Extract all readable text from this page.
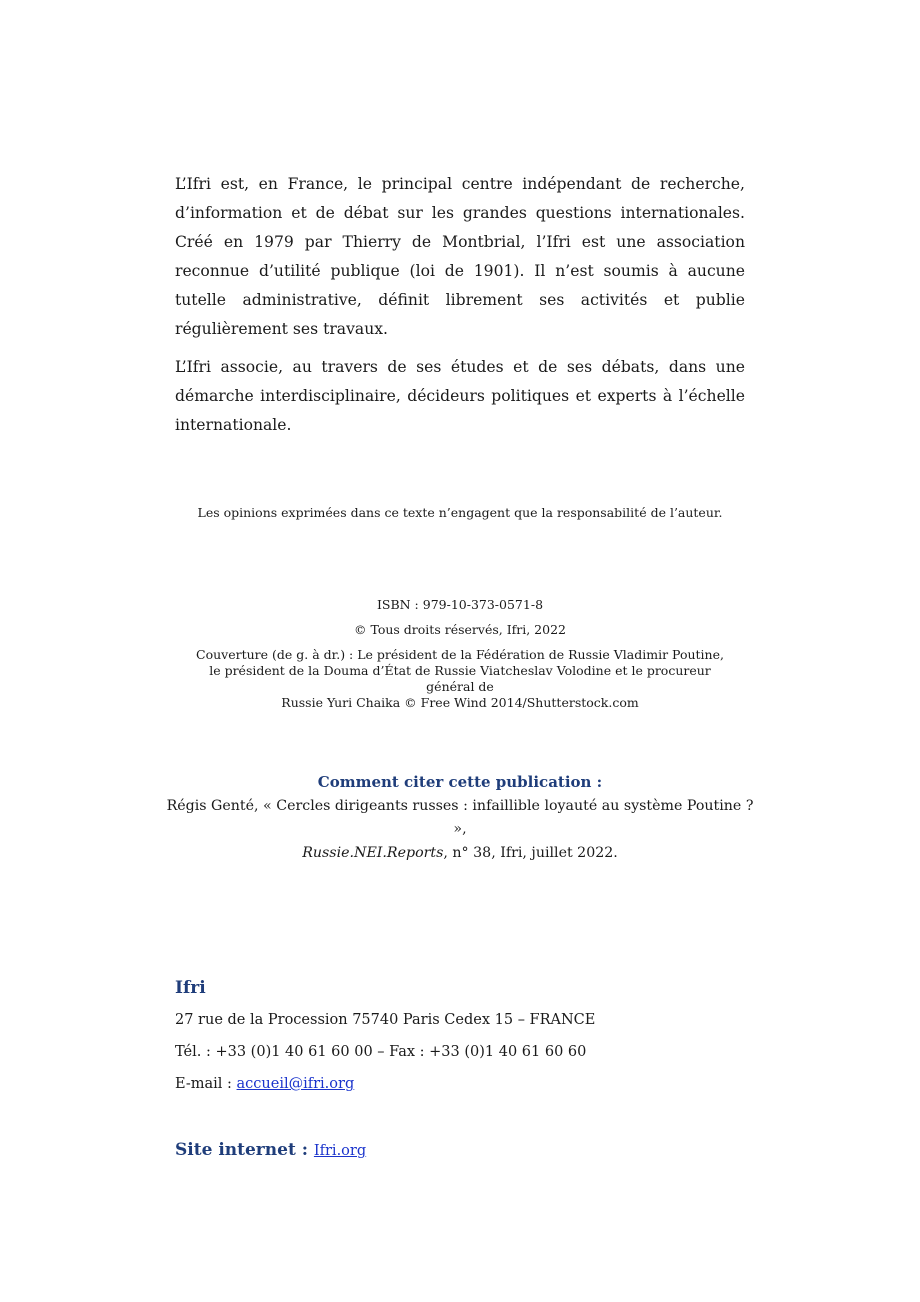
L’Ifri est, en France, le principal centre indépendant de recherche, d’information et de débat sur les grandes questions internationales. Créé en 1979 par Thierry de Montbrial, l’Ifri est une association reconnue d’utilité publique (loi de 1901). Il n’est soumis à aucune tutelle administrative, définit librement ses activités et publie régulièrement ses travaux.

L’Ifri associe, au travers de ses études et de ses débats, dans une démarche interdisciplinaire, décideurs politiques et experts à l’échelle internationale.

Les opinions exprimées dans ce texte n’engagent que la responsabilité de l’auteur.
ISBN : 979-10-373-0571-8
© Tous droits réservés, Ifri, 2022
Couverture (de g. à dr.) : Le président de la Fédération de Russie Vladimir Poutine,
le président de la Douma d’État de Russie Viatcheslav Volodine et le procureur général de
Russie Yuri Chaika © Free Wind 2014/Shutterstock.com
Comment citer cette publication :
Régis Genté, « Cercles dirigeants russes : infaillible loyauté au système Poutine ? »,
Russie.NEI.Reports, n° 38, Ifri, juillet 2022.
Ifri
27 rue de la Procession 75740 Paris Cedex 15 – FRANCE
Tél. : +33 (0)1 40 61 60 00 – Fax : +33 (0)1 40 61 60 60
E-mail : accueil@ifri.org
Site internet : Ifri.org
